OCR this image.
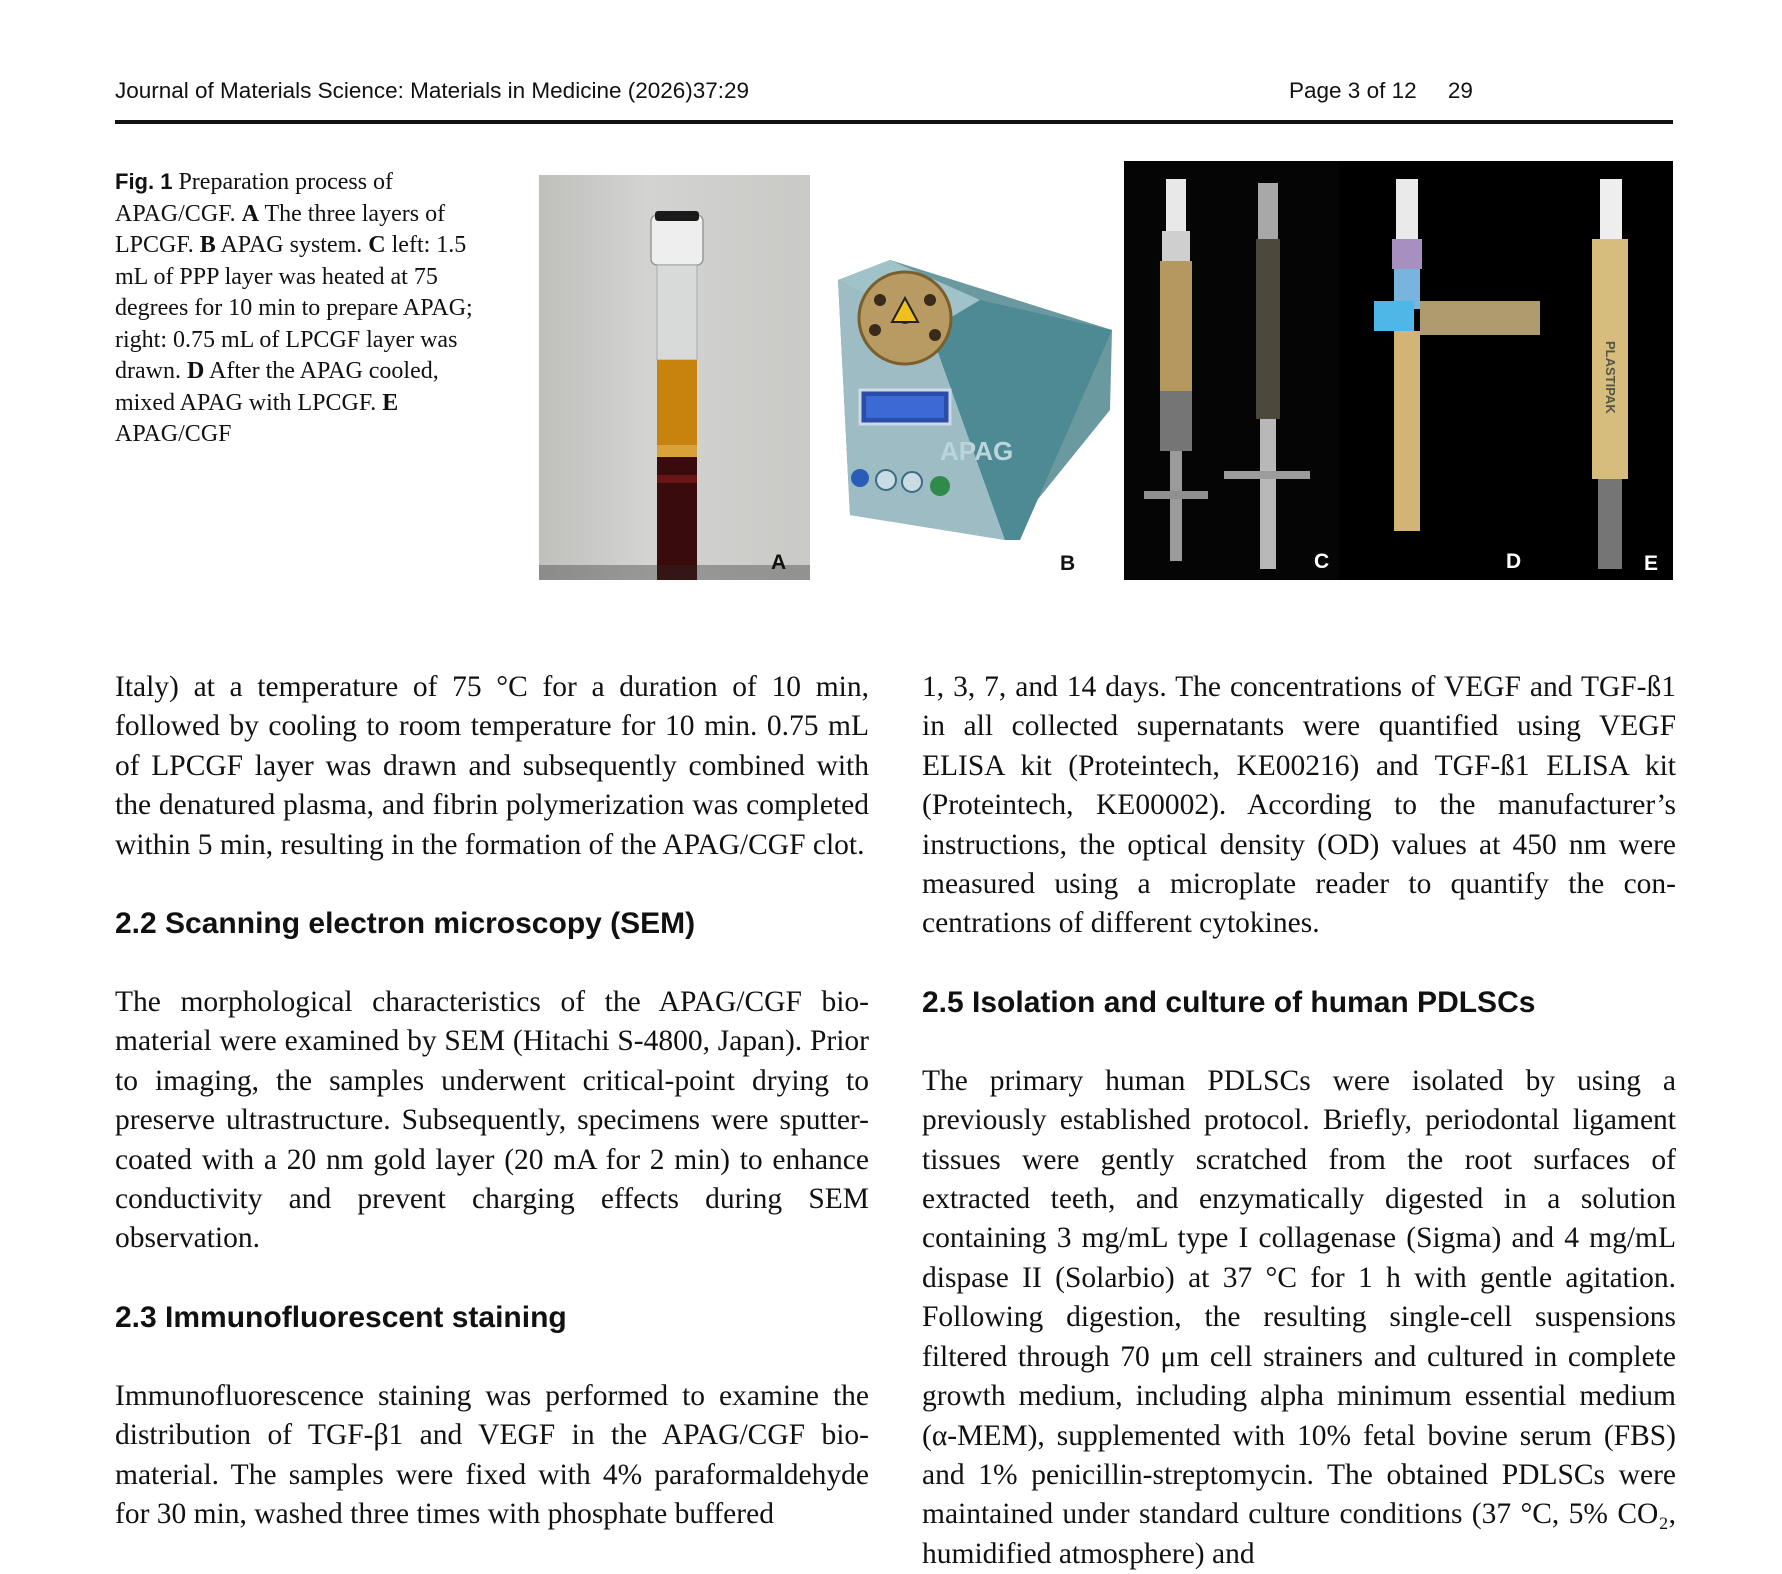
Journal of Materials Science: Materials in Medicine (2026)37:29	Page 3 of 12     29
Fig. 1 Preparation process of APAG/CGF. A The three layers of LPCGF. B APAG system. C left: 1.5 mL of PPP layer was heated at 75 degrees for 10 min to prepare APAG; right: 0.75 mL of LPCGF layer was drawn. D After the APAG cooled, mixed APAG with LPCGF. E APAG/CGF
A
APAG
B
PLASTIPAK
C	D	E

Italy) at a temperature of 75 °C for a duration of 10 min, followed by cooling to room temperature for 10 min. 0.75 mL of LPCGF layer was drawn and subsequently combined with the denatured plasma, and fibrin polymerization was completed within 5 min, resulting in the formation of the APAG/CGF clot.

2.2 Scanning electron microscopy (SEM)

The morphological characteristics of the APAG/CGF biomaterial were examined by SEM (Hitachi S-4800, Japan). Prior to imaging, the samples underwent critical-point drying to preserve ultrastructure. Subsequently, specimens were sputter-coated with a 20 nm gold layer (20 mA for 2 min) to enhance conductivity and prevent charging effects during SEM observation.

2.3 Immunofluorescent staining

Immunofluorescence staining was performed to examine the distribution of TGF-β1 and VEGF in the APAG/CGF biomaterial. The samples were fixed with 4% paraformaldehyde for 30 min, washed three times with phosphate buffered

1, 3, 7, and 14 days. The concentrations of VEGF and TGF-ß1 in all collected supernatants were quantified using VEGF ELISA kit (Proteintech, KE00216) and TGF-ß1 ELISA kit (Proteintech, KE00002). According to the manufacturer’s instructions, the optical density (OD) values at 450 nm were measured using a microplate reader to quantify the concentrations of different cytokines.

2.5 Isolation and culture of human PDLSCs

The primary human PDLSCs were isolated by using a previously established protocol. Briefly, periodontal ligament tissues were gently scratched from the root surfaces of extracted teeth, and enzymatically digested in a solution containing 3 mg/mL type I collagenase (Sigma) and 4 mg/mL dispase II (Solarbio) at 37 °C for 1 h with gentle agitation. Following digestion, the resulting single-cell suspensions filtered through 70 μm cell strainers and cultured in complete growth medium, including alpha minimum essential medium (α-MEM), supplemented with 10% fetal bovine serum (FBS) and 1% penicillin-streptomycin. The obtained PDLSCs were maintained under standard culture conditions (37 °C, 5% CO₂, humidified atmosphere) and
